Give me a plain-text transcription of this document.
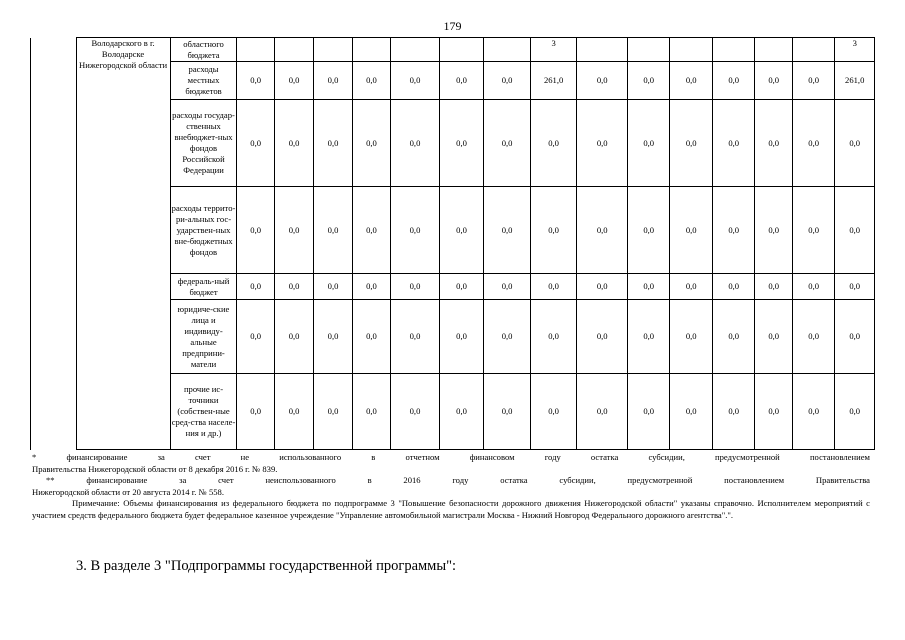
179
	Володарского в г. Володарске Нижегородской области	областного бюджета								3							3
		расходы местных бюджетов	0,0	0,0	0,0	0,0	0,0	0,0	0,0	261,0	0,0	0,0	0,0	0,0	0,0	0,0	261,0
		расходы государ-ственных внебюджет-ных фондов Российской Федерации	0,0	0,0	0,0	0,0	0,0	0,0	0,0	0,0	0,0	0,0	0,0	0,0	0,0	0,0	0,0
		расходы террито-ри-альных гос-ударствен-ных вне-бюджетных фондов	0,0	0,0	0,0	0,0	0,0	0,0	0,0	0,0	0,0	0,0	0,0	0,0	0,0	0,0	0,0
		федераль-ный бюджет	0,0	0,0	0,0	0,0	0,0	0,0	0,0	0,0	0,0	0,0	0,0	0,0	0,0	0,0	0,0
		юридиче-ские лица и индивиду-альные предприни-матели	0,0	0,0	0,0	0,0	0,0	0,0	0,0	0,0	0,0	0,0	0,0	0,0	0,0	0,0	0,0
		прочие ис-точники (собствен-ные сред-ства населе-ния и др.)	0,0	0,0	0,0	0,0	0,0	0,0	0,0	0,0	0,0	0,0	0,0	0,0	0,0	0,0	0,0
*	финансирование	за	счет	не	использованного	в	отчетном	финансовом	году	остатка	субсидии,	предусмотренной	постановлением

Правительства Нижегородской области от 8 декабря 2016 г. № 839.

**	финансирование	за	счет	неиспользованного	в	2016	году	остатка	субсидии,	предусмотренной	постановлением	Правительства

Нижегородской области от 20 августа 2014 г. № 558.

Примечание: Объемы финансирования из федерального бюджета по подпрограмме 3 "Повышение безопасности дорожного движения Нижегородской области" указаны справочно. Исполнителем мероприятий с участием средств федерального бюджета будет федеральное казенное учреждение "Управление автомобильной магистрали Москва - Нижний Новгород Федерального дорожного агентства".".

3. В разделе 3 "Подпрограммы государственной программы":
